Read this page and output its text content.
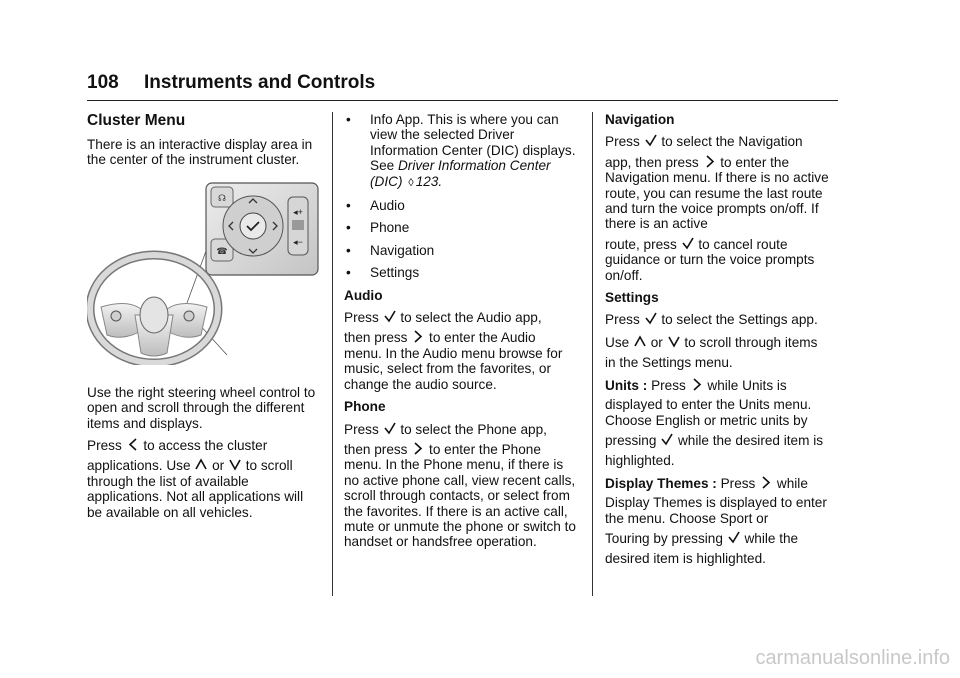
108 Instruments and Controls
Cluster Menu

There is an interactive display area in the center of the instrument cluster.

☊
☎
◂+
◂−

Use the right steering wheel control to open and scroll through the different items and displays.

Press to access the cluster

applications. Use or to scroll

through the list of available applications. Not all applications will be available on all vehicles.

• Info App. This is where you can view the selected Driver Information Center (DIC) displays. See Driver Information Center (DIC) ◊ 123.
• Audio
• Phone
• Navigation
• Settings
Audio

Press to select the Audio app,

then press to enter the Audio

menu. In the Audio menu browse for music, select from the favorites, or change the audio source.

Phone

Press to select the Phone app,

then press to enter the Phone

menu. In the Phone menu, if there is no active phone call, view recent calls, scroll through contacts, or select from the favorites. If there is an active call, mute or unmute the phone or switch to handset or handsfree operation.

Navigation

Press to select the Navigation

app, then press to enter the

Navigation menu. If there is no active route, you can resume the last route and turn the voice prompts on/off. If there is an active

route, press to cancel route

guidance or turn the voice prompts on/off.

Settings

Press to select the Settings app.

Use or to scroll through items

in the Settings menu.

Units : Press while Units is

displayed to enter the Units menu. Choose English or metric units by

pressing while the desired item is

highlighted.

Display Themes : Press while

Display Themes is displayed to enter the menu. Choose Sport or

Touring by pressing while the

desired item is highlighted.

carmanualsonline.info
